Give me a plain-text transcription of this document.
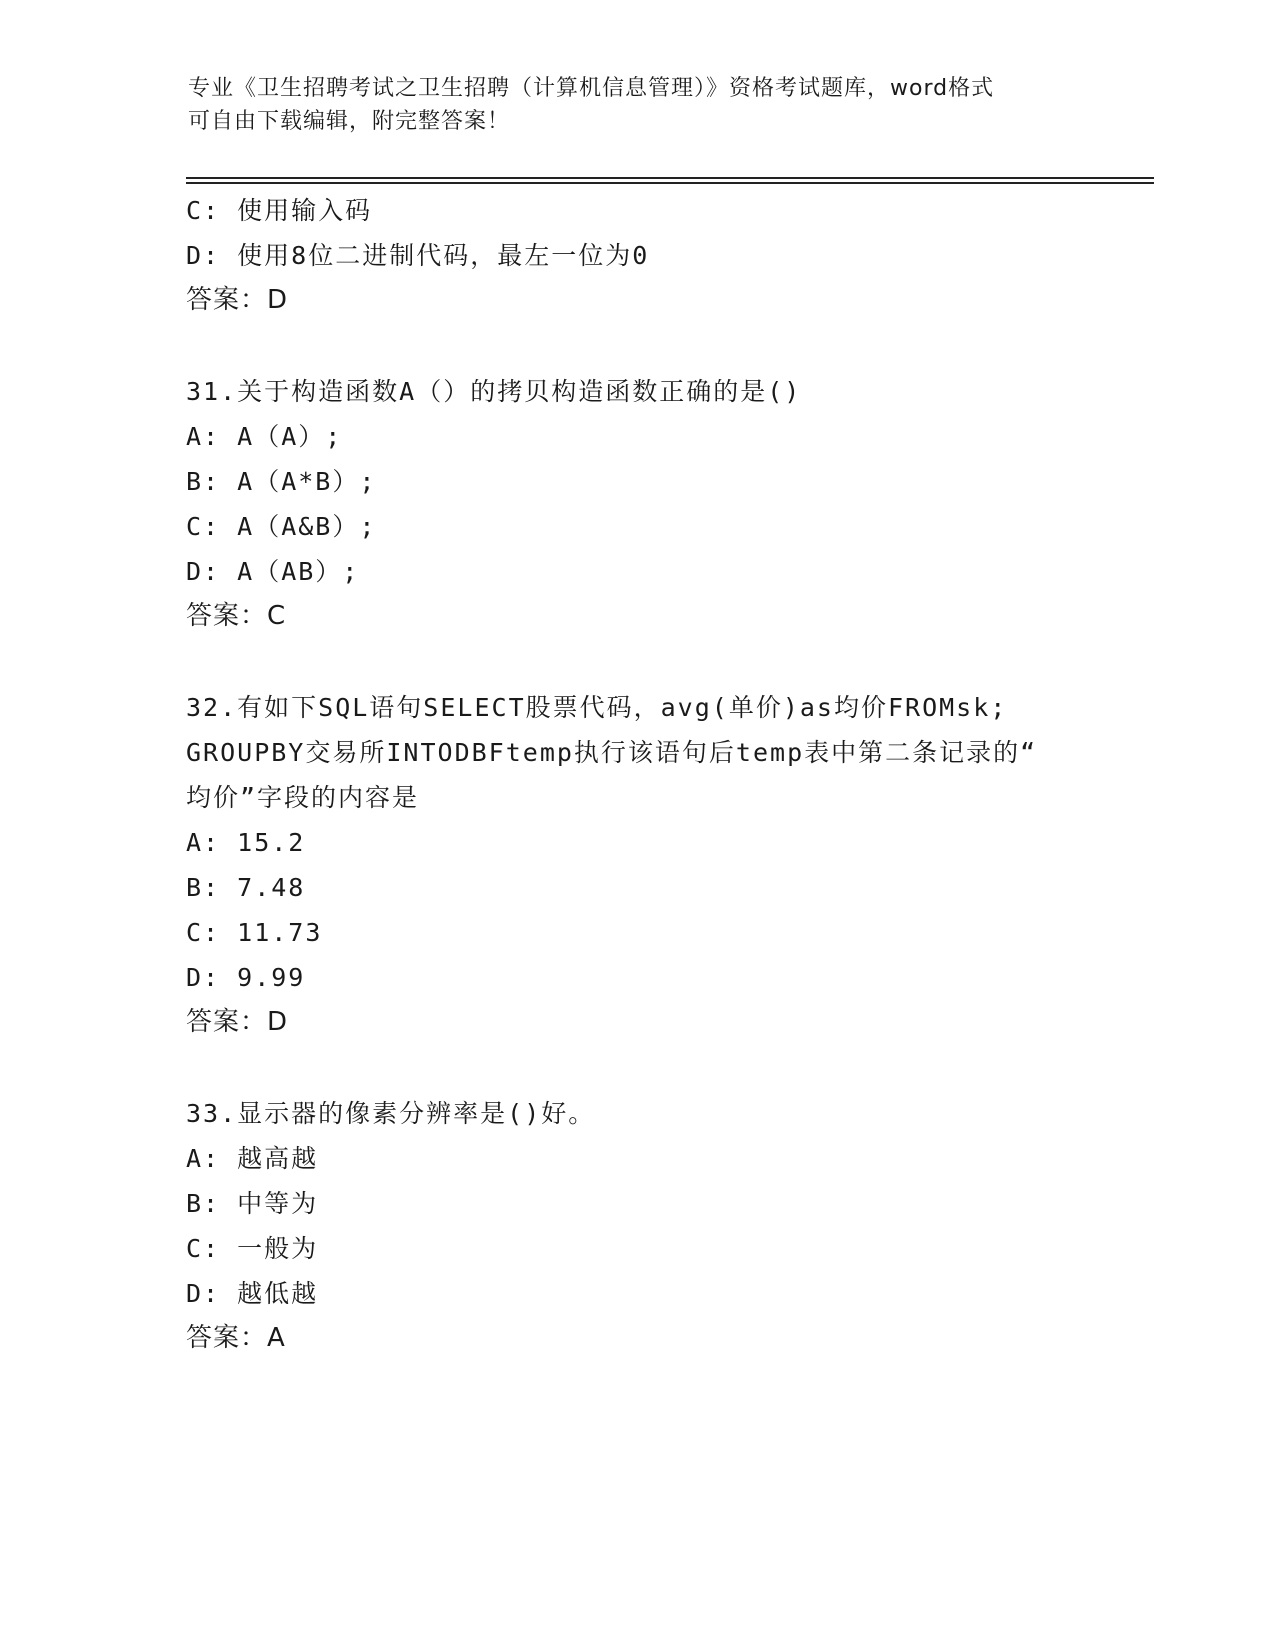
专业《卫生招聘考试之卫生招聘（计算机信息管理）》资格考试题库，word格式
可自由下载编辑，附完整答案！
C: 使用输入码
D: 使用8位二进制代码，最左一位为0
答案：D
31.关于构造函数A（）的拷贝构造函数正确的是()
A: A（A）;
B: A（A*B）;
C: A（A&B）;
D: A（AB）;
答案：C
32.有如下SQL语句SELECT股票代码，avg(单价)as均价FROMsk;
GROUPBY交易所INTODBFtemp执行该语句后temp表中第二条记录的“
均价”字段的内容是
A: 15.2
B: 7.48
C: 11.73
D: 9.99
答案：D
33.显示器的像素分辨率是()好。
A: 越高越
B: 中等为
C: 一般为
D: 越低越
答案：A
